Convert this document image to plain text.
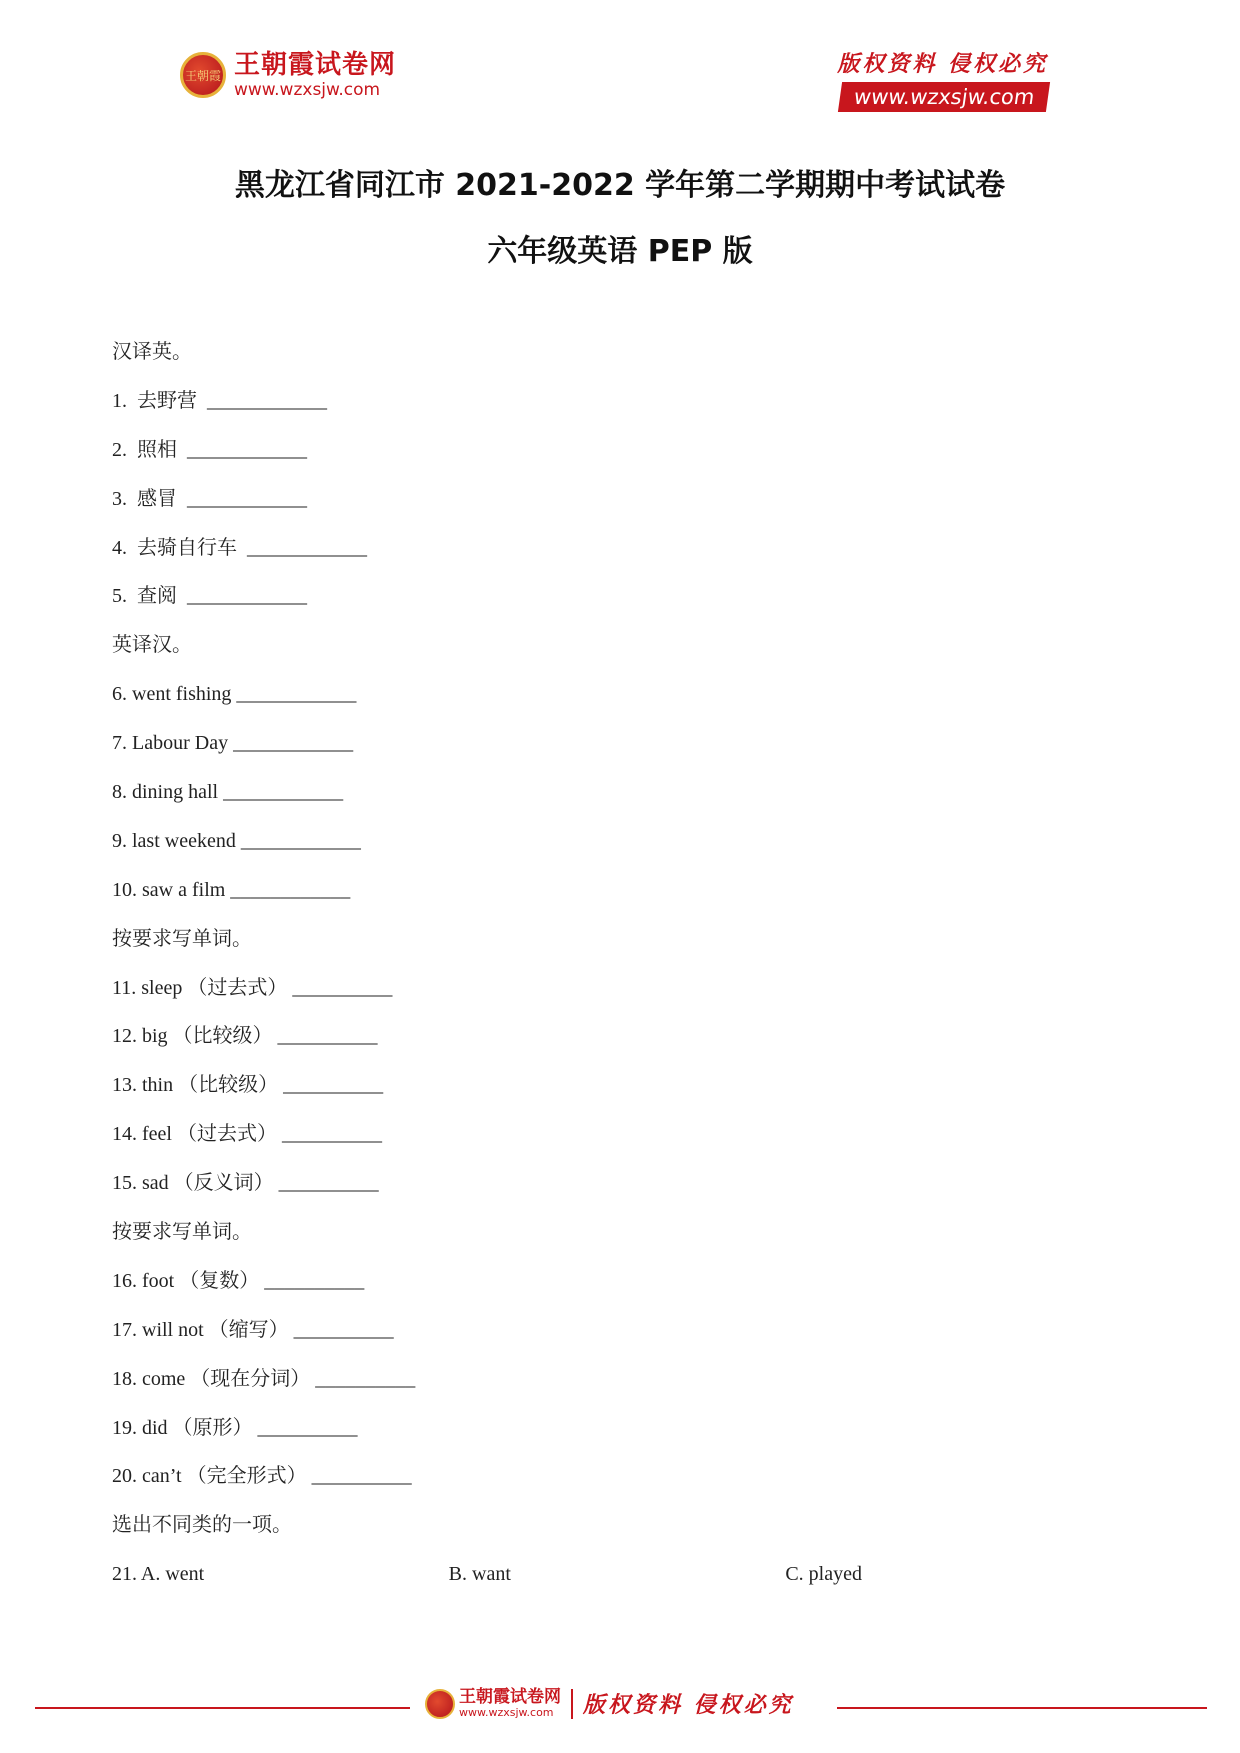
王朝霞 王朝霞试卷网
www.wzxsjw.com
版权资料 侵权必究
www.wzxsjw.com
黑龙江省同江市 2021-2022 学年第二学期期中考试试卷
六年级英语 PEP 版
汉译英。
1.  去野营  ____________
2.  照相  ____________
3.  感冒  ____________
4.  去骑自行车  ____________
5.  查阅  ____________
英译汉。
6. went fishing ____________
7. Labour Day ____________
8. dining hall ____________
9. last weekend ____________
10. saw a film ____________
按要求写单词。
11. sleep （过去式） __________
12. big （比较级） __________
13. thin （比较级） __________
14. feel （过去式） __________
15. sad （反义词） __________
按要求写单词。
16. foot （复数） __________
17. will not （缩写） __________
18. come （现在分词） __________
19. did （原形） __________
20. can’t （完全形式） __________
选出不同类的一项。
21. A. went	B. want	C. played
王朝霞试卷网
www.wzxsjw.com	版权资料 侵权必究
